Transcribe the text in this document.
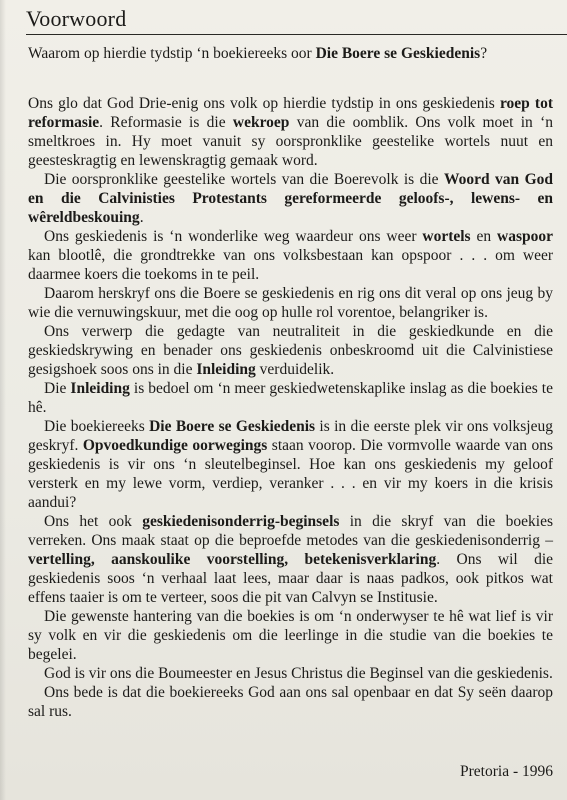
Voorwoord
Waarom op hierdie tydstip ‘n boekiereeks oor Die Boere se Geskiedenis?

Ons glo dat God Drie-enig ons volk op hierdie tydstip in ons geskiedenis roep tot reformasie. Reformasie is die wekroep van die oomblik. Ons volk moet in ‘n smeltkroes in. Hy moet vanuit sy oorspronklike geestelike wortels nuut en geesteskragtig en lewenskragtig gemaak word.

Die oorspronklike geestelike wortels van die Boerevolk is die Woord van God en die Calvinisties Protestants gereformeerde geloofs-, lewens- en wêreldbeskouing.

Ons geskiedenis is ‘n wonderlike weg waardeur ons weer wortels en waspoor kan blootlê, die grondtrekke van ons volksbestaan kan opspoor . . . om weer daarmee koers die toekoms in te peil.

Daarom herskryf ons die Boere se geskiedenis en rig ons dit veral op ons jeug by wie die vernuwingskuur, met die oog op hulle rol vorentoe, belangriker is.

Ons verwerp die gedagte van neutraliteit in die geskiedkunde en die geskiedskrywing en benader ons geskiedenis onbeskroomd uit die Calvinistiese gesigshoek soos ons in die Inleiding verduidelik.

Die Inleiding is bedoel om ‘n meer geskiedwetenskaplike inslag as die boekies te hê.

Die boekiereeks Die Boere se Geskiedenis is in die eerste plek vir ons volksjeug geskryf. Opvoedkundige oorwegings staan voorop. Die vormvolle waarde van ons geskiedenis is vir ons ‘n sleutelbeginsel. Hoe kan ons geskiedenis my geloof versterk en my lewe vorm, verdiep, veranker . . . en vir my koers in die krisis aandui?

Ons het ook geskiedenisonderrig-beginsels in die skryf van die boekies verreken. Ons maak staat op die beproefde metodes van die geskiedenisonderrig – vertelling, aanskoulike voorstelling, betekenisverklaring. Ons wil die geskiedenis soos ‘n verhaal laat lees, maar daar is naas padkos, ook pitkos wat effens taaier is om te verteer, soos die pit van Calvyn se Institusie.

Die gewenste hantering van die boekies is om ‘n onderwyser te hê wat lief is vir sy volk en vir die geskiedenis om die leerlinge in die studie van die boekies te begelei.

God is vir ons die Boumeester en Jesus Christus die Beginsel van die geskiedenis.

Ons bede is dat die boekiereeks God aan ons sal openbaar en dat Sy seën daarop sal rus.

Pretoria - 1996
